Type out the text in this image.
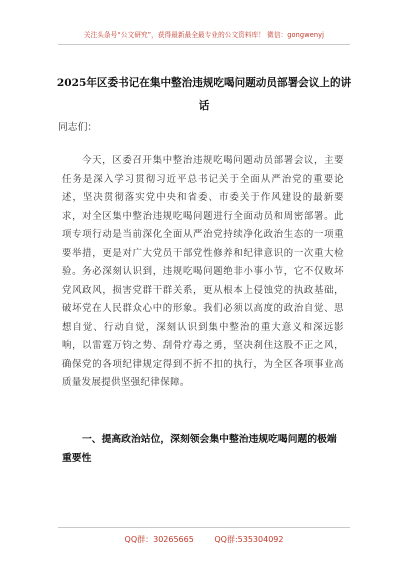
关注头条号“公文研究”，获得最新最全最专业的公文资料库！ 微信：gongwenyj
2025年区委书记在集中整治违规吃喝问题动员部署会议上的讲话
同志们：
今天，区委召开集中整治违规吃喝问题动员部署会议，主要任务是深入学习贯彻习近平总书记关于全面从严治党的重要论述，坚决贯彻落实党中央和省委、市委关于作风建设的最新要求，对全区集中整治违规吃喝问题进行全面动员和周密部署。此项专项行动是当前深化全面从严治党持续净化政治生态的一项重要举措，更是对广大党员干部党性修养和纪律意识的一次重大检验。务必深刻认识到，违规吃喝问题绝非小事小节，它不仅败坏党风政风，损害党群干群关系，更从根本上侵蚀党的执政基础，破坏党在人民群众心中的形象。我们必须以高度的政治自觉、思想自觉、行动自觉，深刻认识到集中整治的重大意义和深远影响，以雷霆万钧之势、刮骨疗毒之勇，坚决刹住这股不正之风，确保党的各项纪律规定得到不折不扣的执行，为全区各项事业高质量发展提供坚强纪律保障。
一、提高政治站位，深刻领会集中整治违规吃喝问题的极端重要性
QQ群：30265665	QQ群:535304092
